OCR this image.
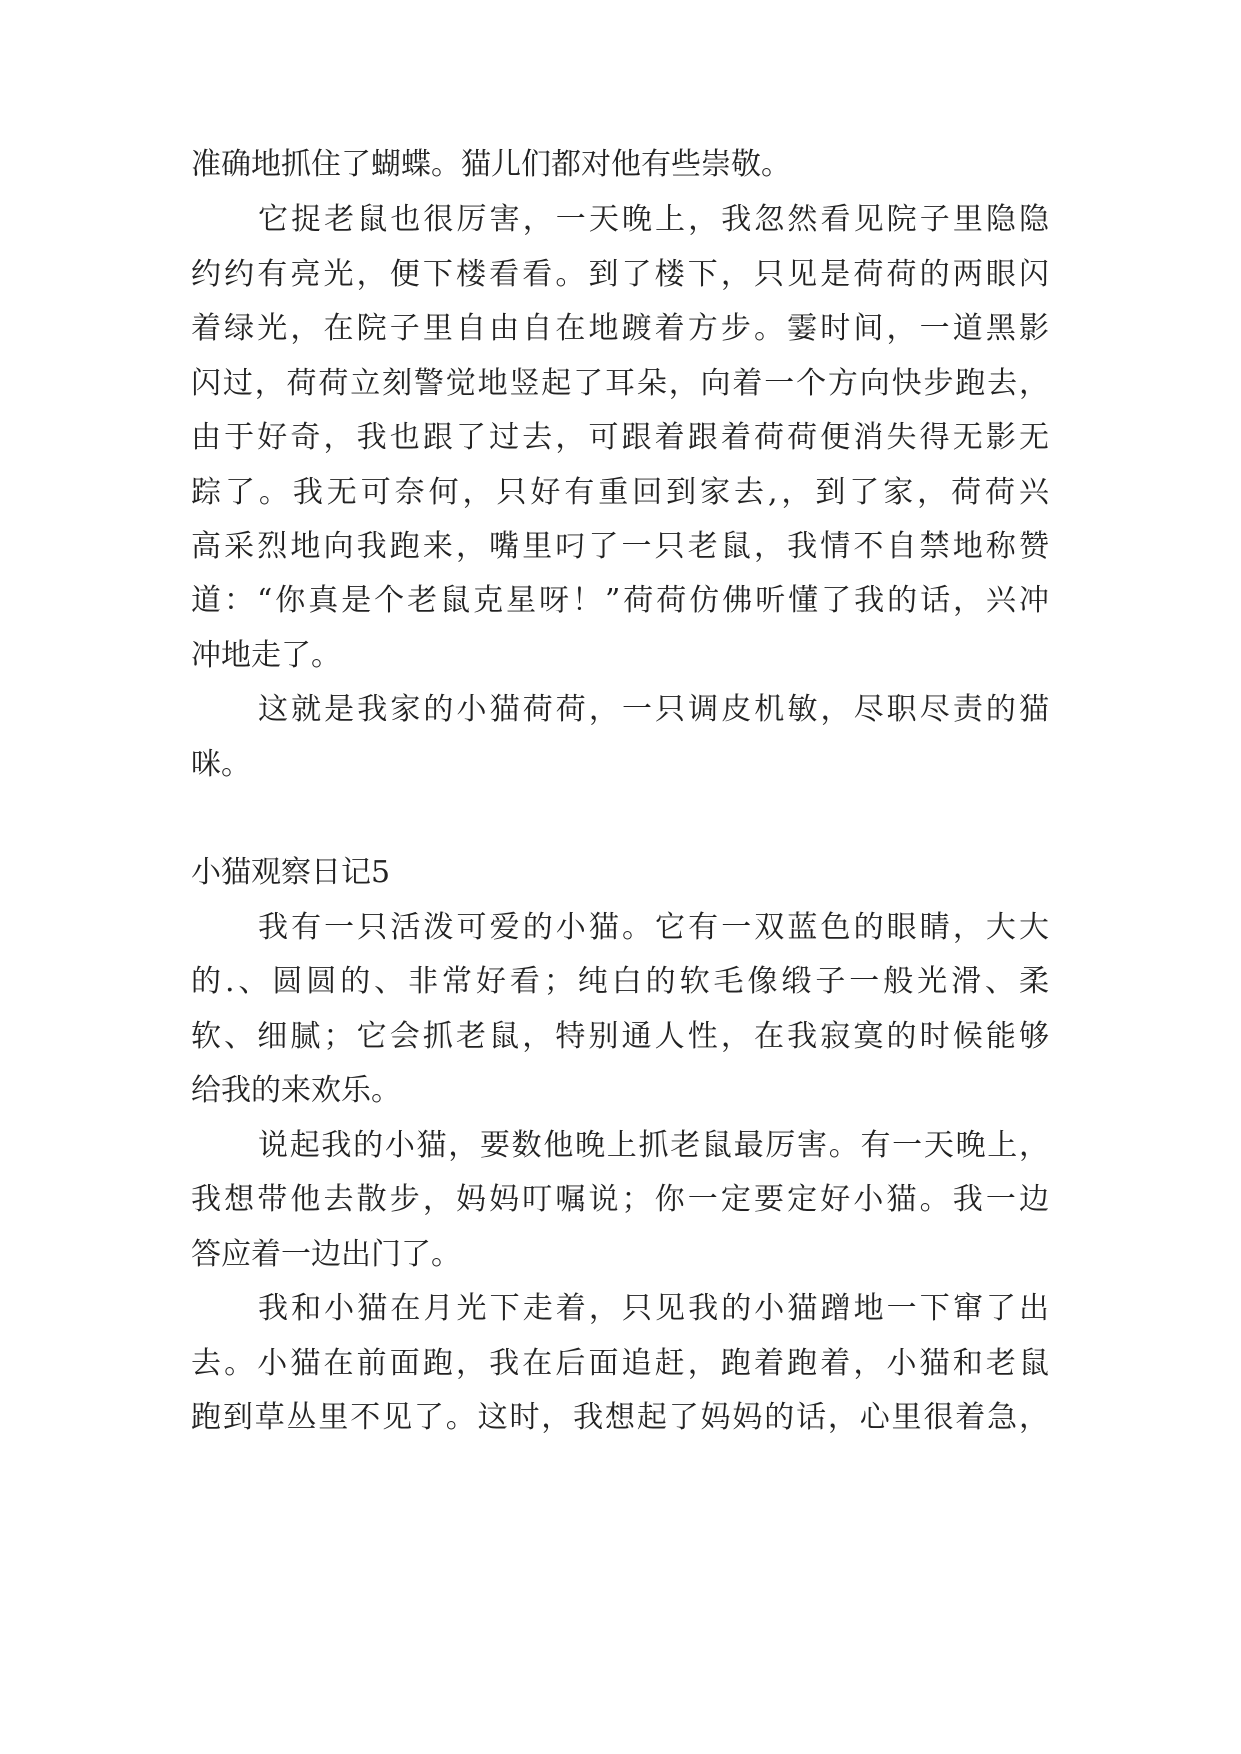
准确地抓住了蝴蝶。猫儿们都对他有些崇敬。
它捉老鼠也很厉害，一天晚上，我忽然看见院子里隐隐
约约有亮光，便下楼看看。到了楼下，只见是荷荷的两眼闪
着绿光，在院子里自由自在地踱着方步。霎时间，一道黑影
闪过，荷荷立刻警觉地竖起了耳朵，向着一个方向快步跑去，
由于好奇，我也跟了过去，可跟着跟着荷荷便消失得无影无
踪了。我无可奈何，只好有重回到家去,，到了家，荷荷兴
高采烈地向我跑来，嘴里叼了一只老鼠，我情不自禁地称赞
道：“你真是个老鼠克星呀！”荷荷仿佛听懂了我的话，兴冲
冲地走了。
这就是我家的小猫荷荷，一只调皮机敏，尽职尽责的猫
咪。
小猫观察日记5
我有一只活泼可爱的小猫。它有一双蓝色的眼睛，大大
的.、圆圆的、非常好看；纯白的软毛像缎子一般光滑、柔
软、细腻；它会抓老鼠，特别通人性，在我寂寞的时候能够
给我的来欢乐。
说起我的小猫，要数他晚上抓老鼠最厉害。有一天晚上，
我想带他去散步，妈妈叮嘱说；你一定要定好小猫。我一边
答应着一边出门了。
我和小猫在月光下走着，只见我的小猫蹭地一下窜了出
去。小猫在前面跑，我在后面追赶，跑着跑着，小猫和老鼠
跑到草丛里不见了。这时，我想起了妈妈的话，心里很着急，
